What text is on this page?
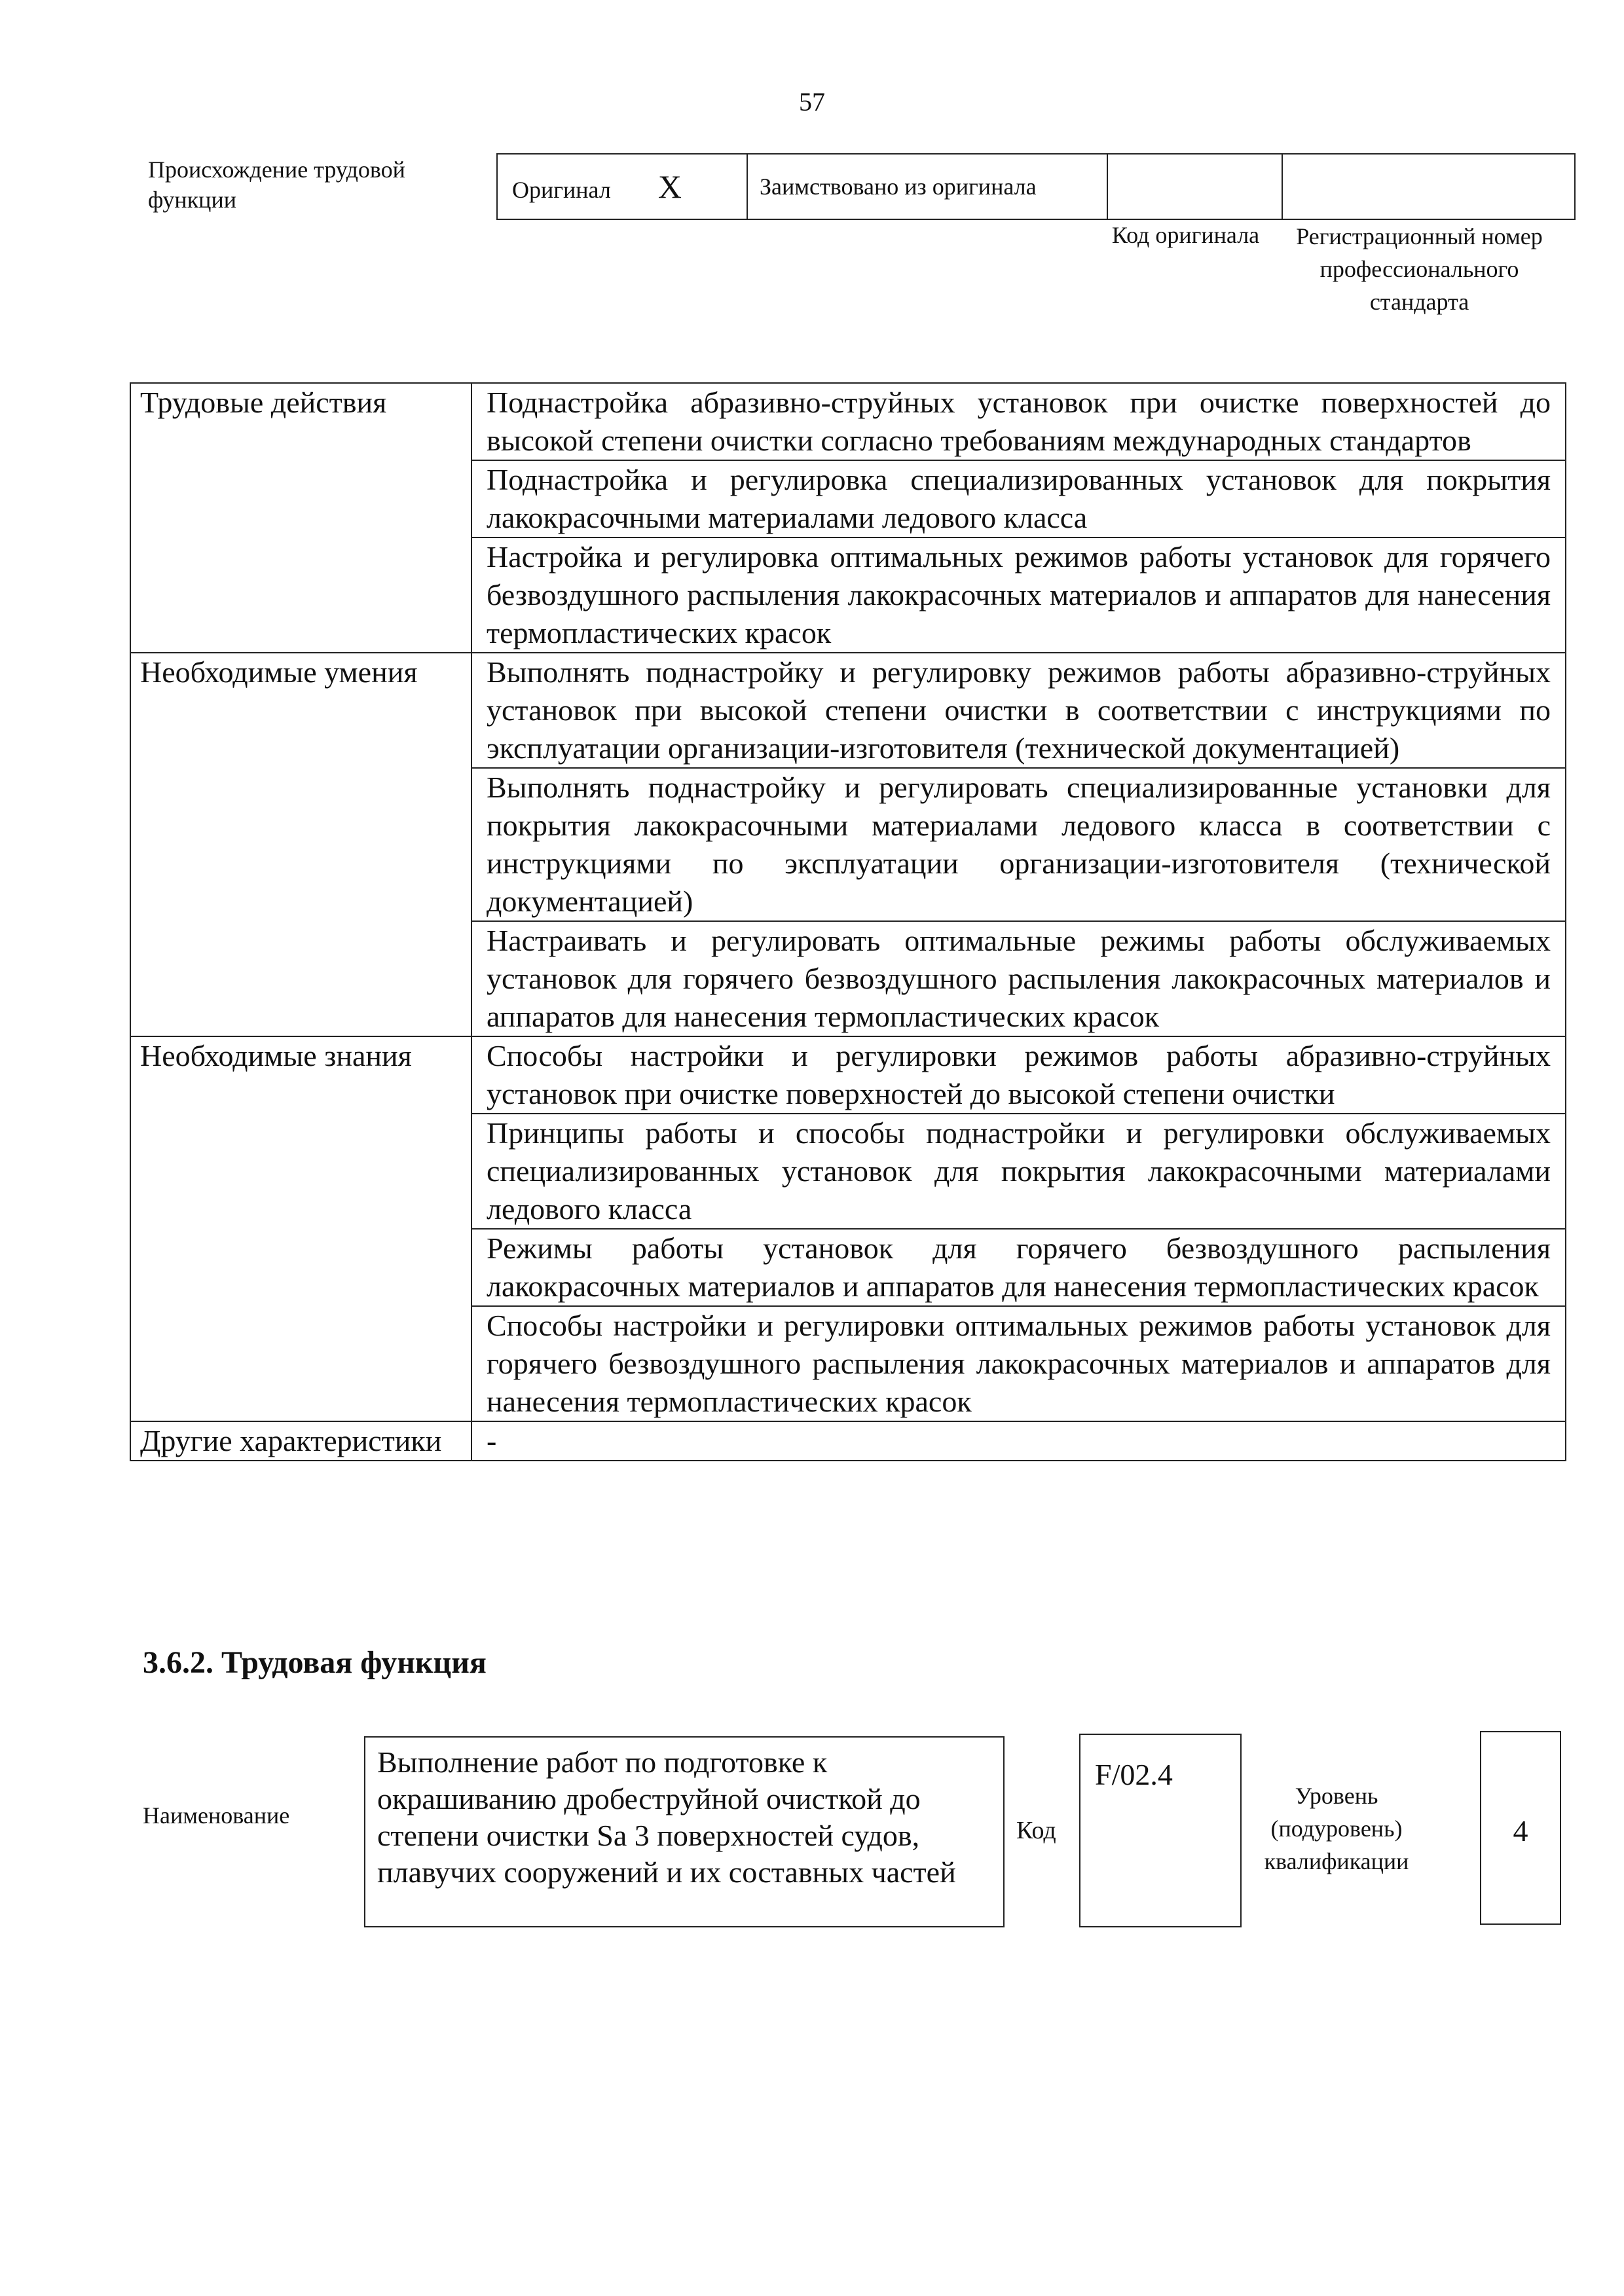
57
Происхождение трудовой функции	Оригинал X	Заимствовано из оригинала		
Код оригинала	Регистрационный номер профессионального стандарта
Трудовые действия	Поднастройка абразивно-струйных установок при очистке поверхностей до высокой степени очистки согласно требованиям международных стандартов
	Поднастройка и регулировка специализированных установок для покрытия лакокрасочными материалами ледового класса
	Настройка и регулировка оптимальных режимов работы установок для горячего безвоздушного распыления лакокрасочных материалов и аппаратов для нанесения термопластических красок
Необходимые умения	Выполнять поднастройку и регулировку режимов работы абразивно-струйных установок при высокой степени очистки в соответствии с инструкциями по эксплуатации организации-изготовителя (технической документацией)
	Выполнять поднастройку и регулировать специализированные установки для покрытия лакокрасочными материалами ледового класса в соответствии с инструкциями по эксплуатации организации-изготовителя (технической документацией)
	Настраивать и регулировать оптимальные режимы работы обслуживаемых установок для горячего безвоздушного распыления лакокрасочных материалов и аппаратов для нанесения термопластических красок
Необходимые знания	Способы настройки и регулировки режимов работы абразивно-струйных установок при очистке поверхностей до высокой степени очистки
	Принципы работы и способы поднастройки и регулировки обслуживаемых специализированных установок для покрытия лакокрасочными материалами ледового класса
	Режимы работы установок для горячего безвоздушного распыления лакокрасочных материалов и аппаратов для нанесения термопластических красок
	Способы настройки и регулировки оптимальных режимов работы установок для горячего безвоздушного распыления лакокрасочных материалов и аппаратов для нанесения термопластических красок
Другие характеристики	-
3.6.2. Трудовая функция
Наименование
Выполнение работ по подготовке к окрашиванию дробеструйной очисткой до степени очистки Sa 3 поверхностей судов, плавучих сооружений и их составных частей
Код
F/02.4
Уровень (подуровень) квалификации
4
